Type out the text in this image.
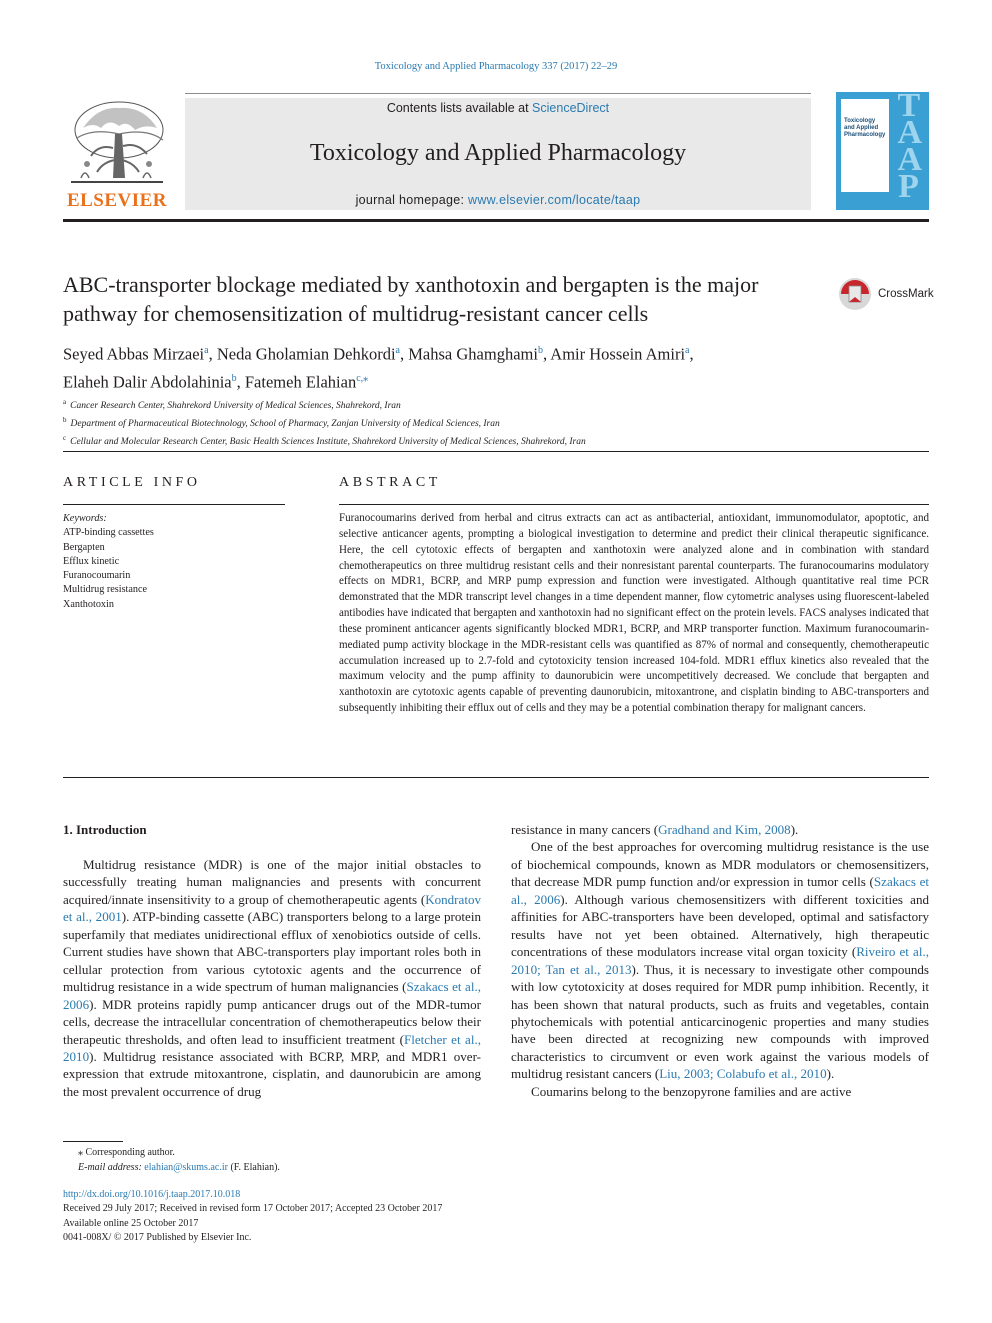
Toxicology and Applied Pharmacology 337 (2017) 22–29
Contents lists available at ScienceDirect
Toxicology and Applied Pharmacology
journal homepage: www.elsevier.com/locate/taap
ELSEVIER
Toxicology and Applied Pharmacology
TAAP
ABC-transporter blockage mediated by xanthotoxin and bergapten is the major pathway for chemosensitization of multidrug-resistant cancer cells
CrossMark
Seyed Abbas Mirzaei$^a$, Neda Gholamian Dehkordi$^a$, Mahsa Ghamghami$^b$, Amir Hossein Amiri$^a$,
Elaheh Dalir Abdolahinia$^b$, Fatemeh Elahian$^{c,⁎}$
$^a$ Cancer Research Center, Shahrekord University of Medical Sciences, Shahrekord, Iran
$^b$ Department of Pharmaceutical Biotechnology, School of Pharmacy, Zanjan University of Medical Sciences, Iran
$^c$ Cellular and Molecular Research Center, Basic Health Sciences Institute, Shahrekord University of Medical Sciences, Shahrekord, Iran
ARTICLE INFO
Keywords:
ATP-binding cassettes
Bergapten
Efflux kinetic
Furanocoumarin
Multidrug resistance
Xanthotoxin
ABSTRACT
Furanocoumarins derived from herbal and citrus extracts can act as antibacterial, antioxidant, immunomodulator, apoptotic, and selective anticancer agents, prompting a biological investigation to determine and predict their clinical therapeutic significance. Here, the cell cytotoxic effects of bergapten and xanthotoxin were analyzed alone and in combination with standard chemotherapeutics on three multidrug resistant cells and their nonresistant parental counterparts. The furanocoumarins modulatory effects on MDR1, BCRP, and MRP pump expression and function were investigated. Although quantitative real time PCR demonstrated that the MDR transcript level changes in a time dependent manner, flow cytometric analyses using fluorescent-labeled antibodies have indicated that bergapten and xanthotoxin had no significant effect on the protein levels. FACS analyses indicated that these prominent anticancer agents significantly blocked MDR1, BCRP, and MRP transporter function. Maximum furanocoumarin-mediated pump activity blockage in the MDR-resistant cells was quantified as 87% of normal and consequently, chemotherapeutic accumulation increased up to 2.7-fold and cytotoxicity tension increased 104-fold. MDR1 efflux kinetics also revealed that the maximum velocity and the pump affinity to daunorubicin were uncompetitively decreased. We conclude that bergapten and xanthotoxin are cytotoxic agents capable of preventing daunorubicin, mitoxantrone, and cisplatin binding to ABC-transporters and subsequently inhibiting their efflux out of cells and they may be a potential combination therapy for malignant cancers.
1. Introduction

Multidrug resistance (MDR) is one of the major initial obstacles to successfully treating human malignancies and presents with concurrent acquired/innate insensitivity to a group of chemotherapeutic agents (Kondratov et al., 2001). ATP-binding cassette (ABC) transporters belong to a large protein superfamily that mediates unidirectional efflux of xenobiotics outside of cells. Current studies have shown that ABC-transporters play important roles both in cellular protection from various cytotoxic agents and the occurrence of multidrug resistance in a wide spectrum of human malignancies (Szakacs et al., 2006). MDR proteins rapidly pump anticancer drugs out of the MDR-tumor cells, decrease the intracellular concentration of chemotherapeutics below their therapeutic thresholds, and often lead to insufficient treatment (Fletcher et al., 2010). Multidrug resistance associated with BCRP, MRP, and MDR1 over-expression that extrude mitoxantrone, cisplatin, and daunorubicin are among the most prevalent occurrence of drug

resistance in many cancers (Gradhand and Kim, 2008).

One of the best approaches for overcoming multidrug resistance is the use of biochemical compounds, known as MDR modulators or chemosensitizers, that decrease MDR pump function and/or expression in tumor cells (Szakacs et al., 2006). Although various chemosensitizers with different toxicities and affinities for ABC-transporters have been developed, optimal and satisfactory results have not yet been obtained. Alternatively, high therapeutic concentrations of these modulators increase vital organ toxicity (Riveiro et al., 2010; Tan et al., 2013). Thus, it is necessary to investigate other compounds with low cytotoxicity at doses required for MDR pump inhibition. Recently, it has been shown that natural products, such as fruits and vegetables, contain phytochemicals with potential anticarcinogenic properties and many studies have been directed at recognizing new compounds with improved characteristics to circumvent or even work against the various models of multidrug resistant cancers (Liu, 2003; Colabufo et al., 2010).

Coumarins belong to the benzopyrone families and are active

⁎ Corresponding author.
E-mail address: elahian@skums.ac.ir (F. Elahian).
http://dx.doi.org/10.1016/j.taap.2017.10.018
Received 29 July 2017; Received in revised form 17 October 2017; Accepted 23 October 2017
Available online 25 October 2017
0041-008X/ © 2017 Published by Elsevier Inc.
